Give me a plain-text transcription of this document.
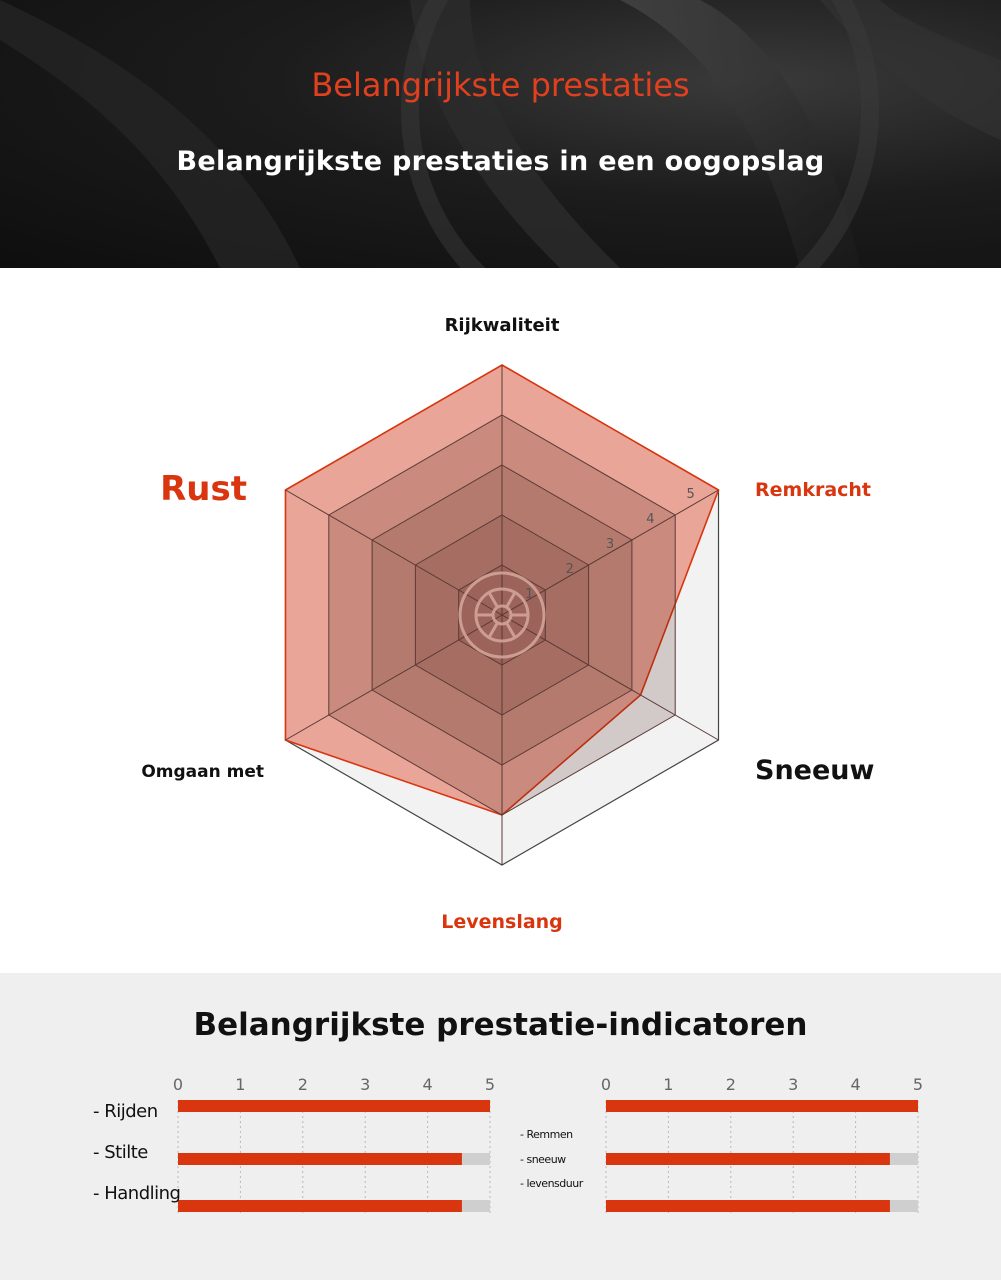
Belangrijkste prestaties
Belangrijkste prestaties in een oogopslag
1
2
3
4
5
Rijkwaliteit
Remkracht
Sneeuw
Levenslang
Omgaan met
Rust
Belangrijkste prestatie-indicatoren
0	1	2	3	4	5
- Rijden
- Stilte
- Handling
0	1	2	3	4	5
- Remmen
- sneeuw
- levensduur
